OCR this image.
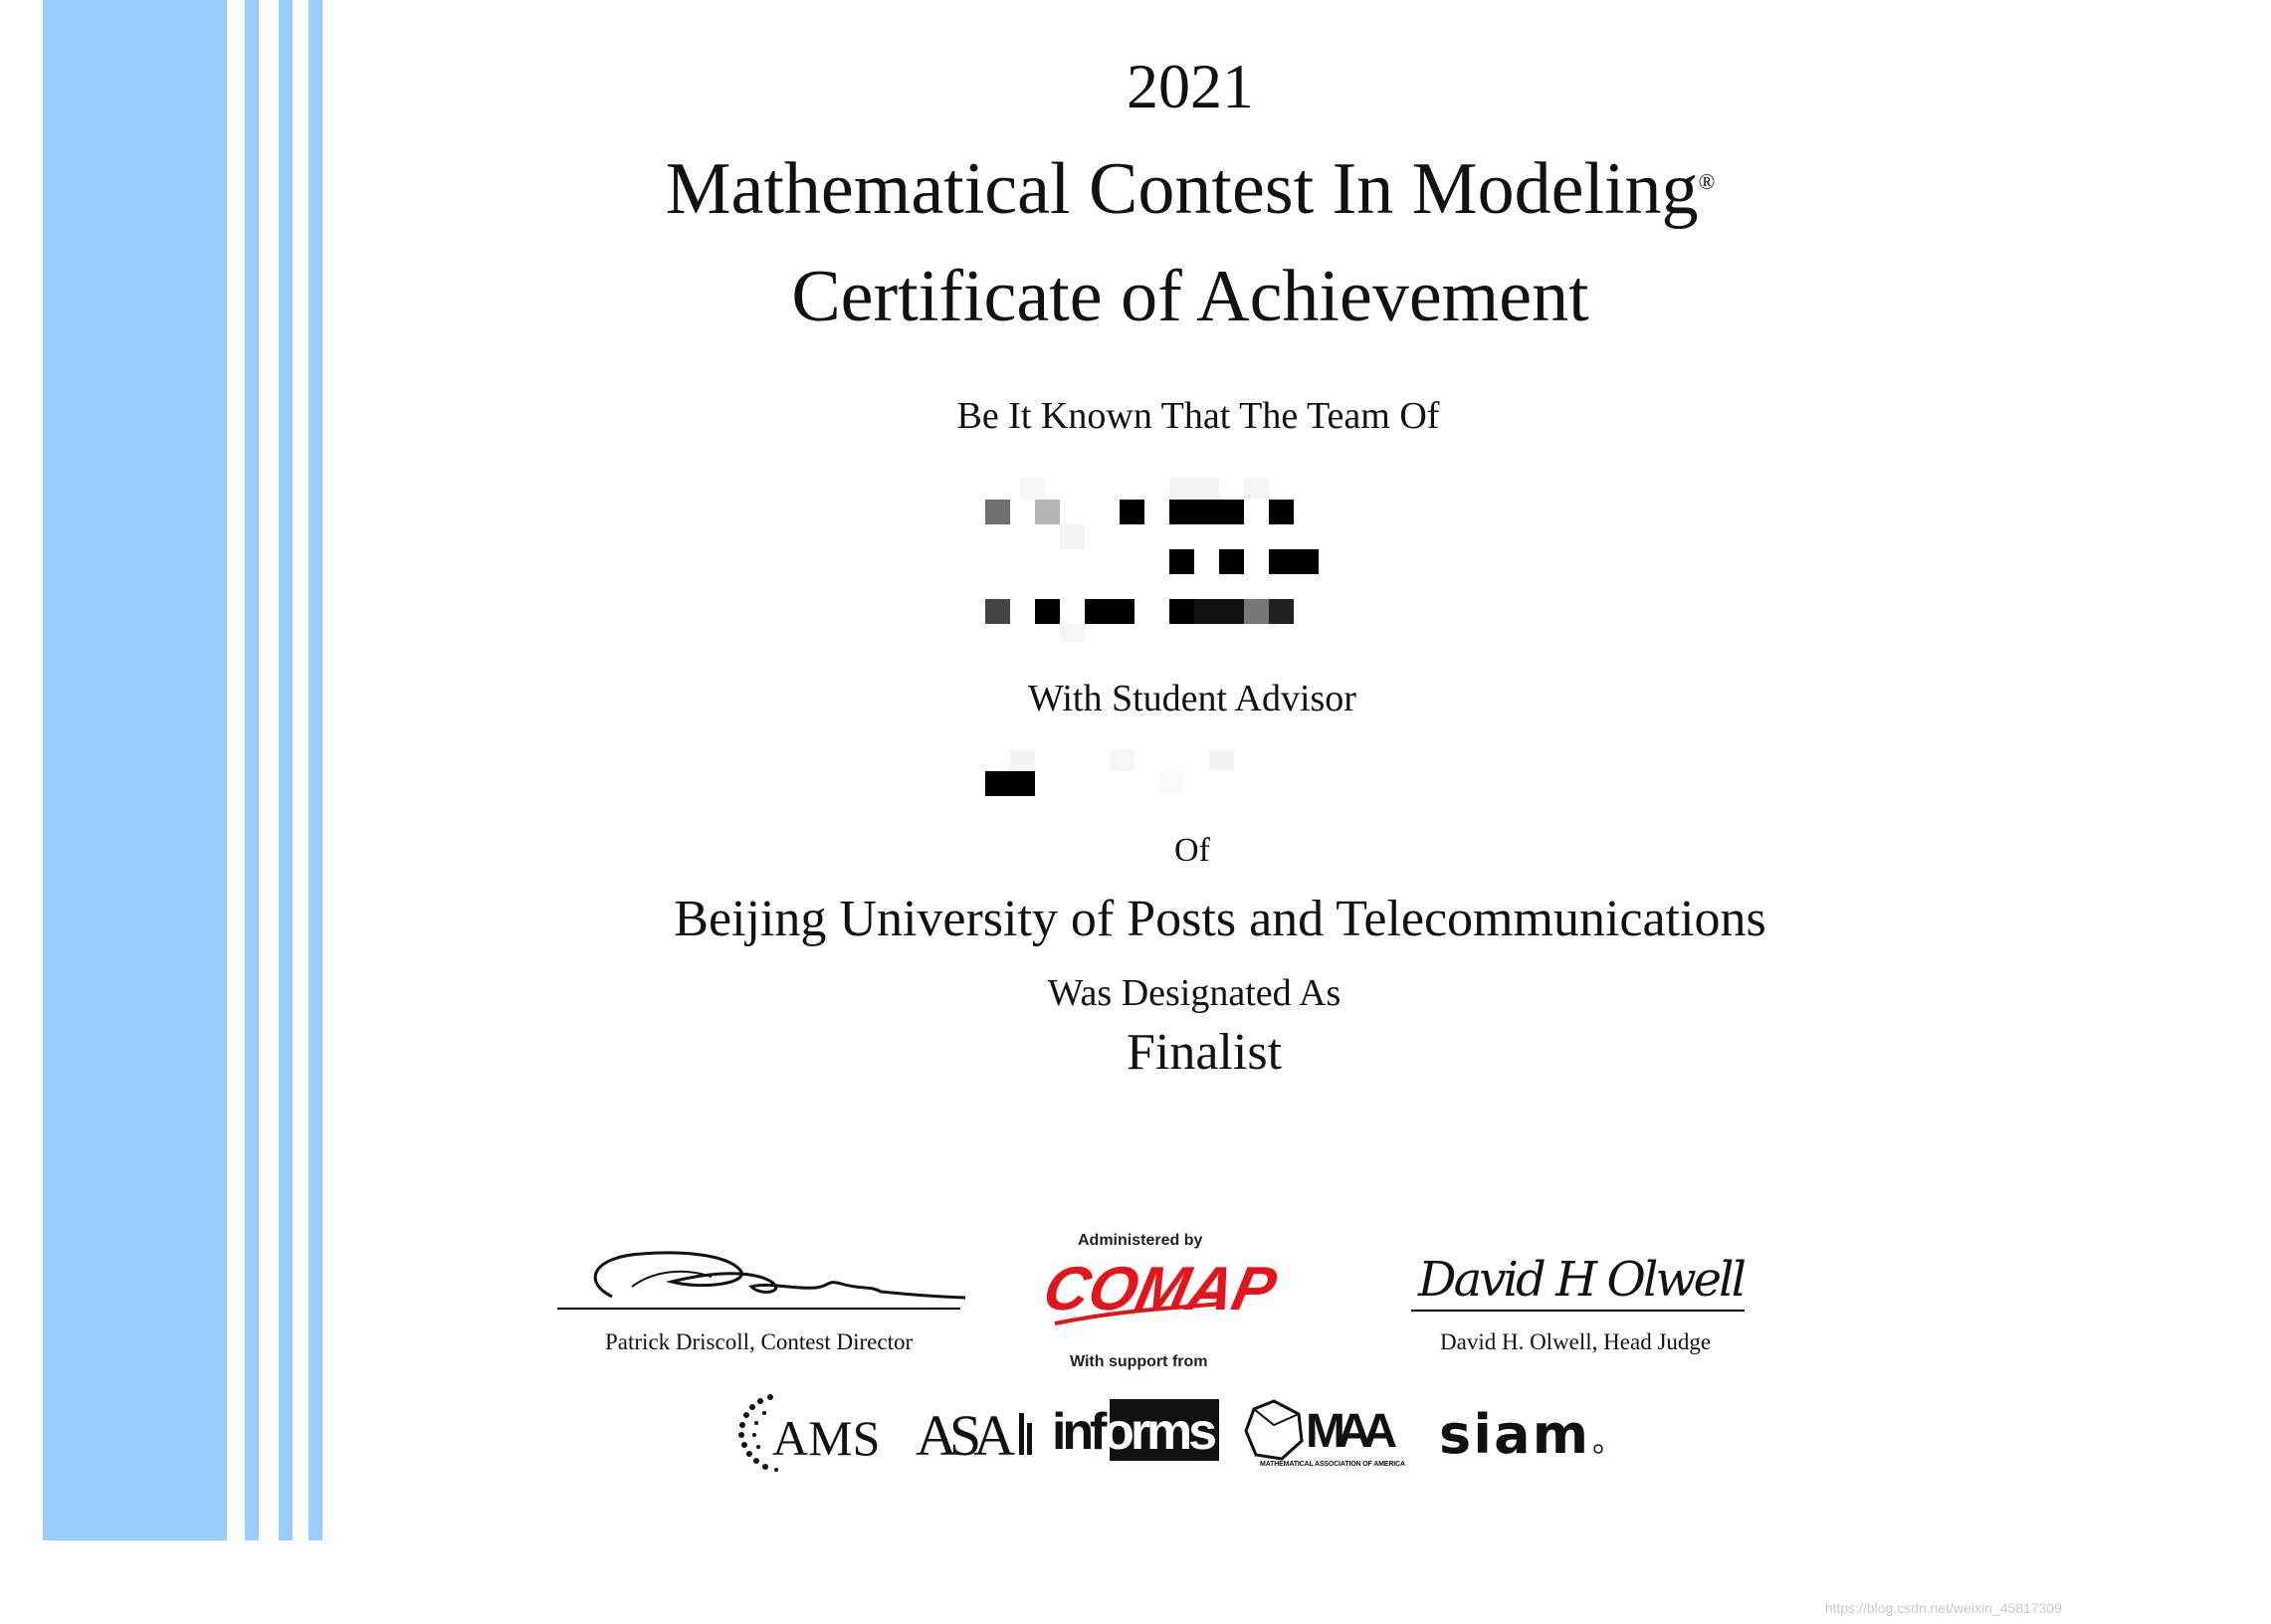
2021
Mathematical Contest In Modeling®
Certificate of Achievement
Be It Known That The Team Of
With Student Advisor
Of
Beijing University of Posts and Telecommunications
Was Designated As
Finalist
Patrick Driscoll, Contest Director
Administered by
COMAP
With support from
David H Olwell
David H. Olwell, Head Judge
AMS ASA informs MAA
MATHEMATICAL ASSOCIATION OF AMERICA siam
https://blog.csdn.net/weixin_45817309
